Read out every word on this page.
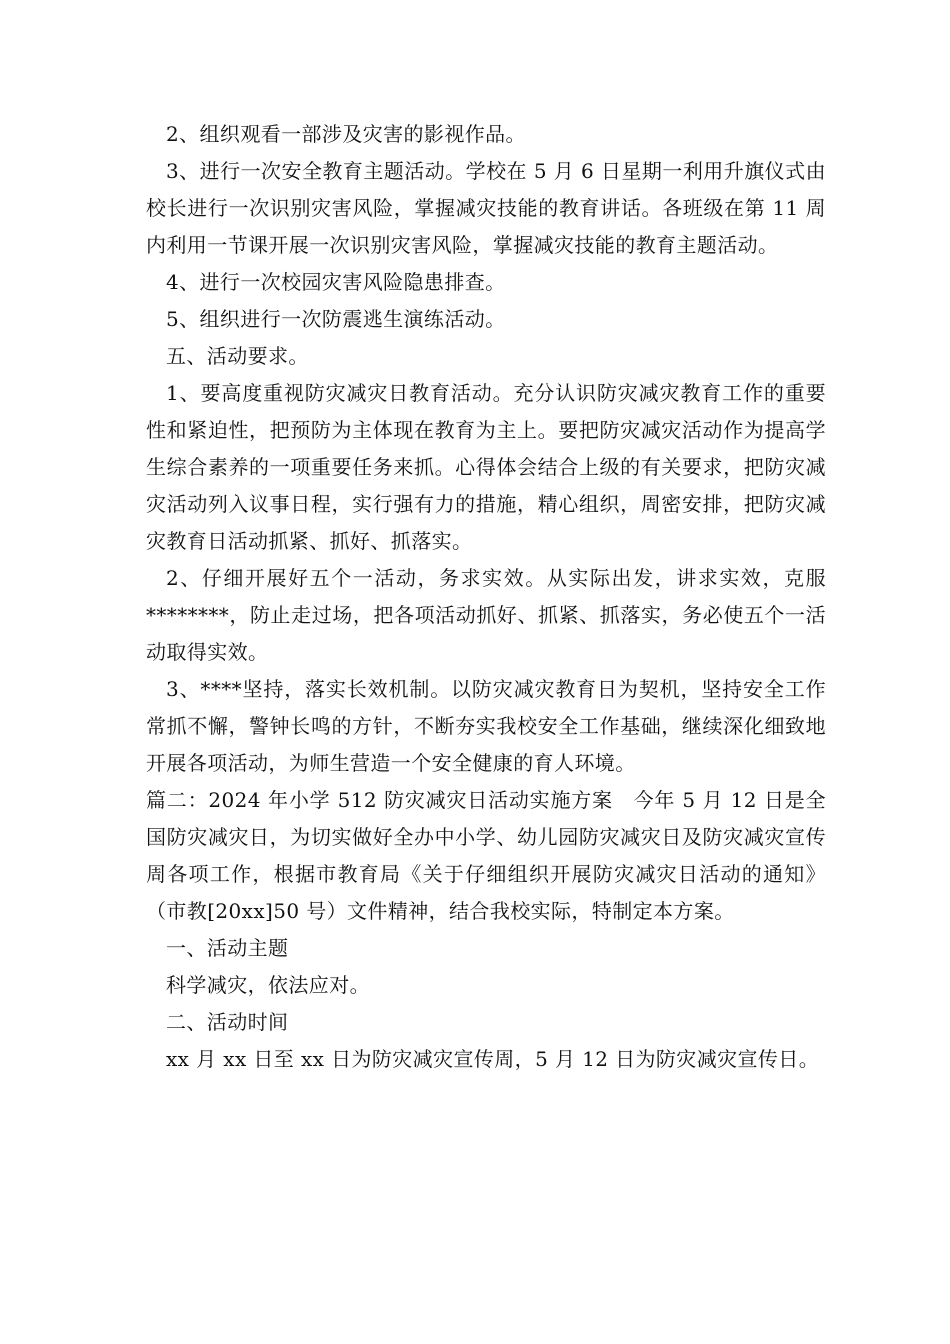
2、组织观看一部涉及灾害的影视作品。

3、进行一次安全教育主题活动。学校在 5 月 6 日星期一利用升旗仪式由校长进行一次识别灾害风险，掌握减灾技能的教育讲话。各班级在第 11 周内利用一节课开展一次识别灾害风险，掌握减灾技能的教育主题活动。

4、进行一次校园灾害风险隐患排查。

5、组织进行一次防震逃生演练活动。

五、活动要求。

1、要高度重视防灾减灾日教育活动。充分认识防灾减灾教育工作的重要性和紧迫性，把预防为主体现在教育为主上。要把防灾减灾活动作为提高学生综合素养的一项重要任务来抓。心得体会结合上级的有关要求，把防灾减灾活动列入议事日程，实行强有力的措施，精心组织，周密安排，把防灾减灾教育日活动抓紧、抓好、抓落实。

2、仔细开展好五个一活动，务求实效。从实际出发，讲求实效，克服********，防止走过场，把各项活动抓好、抓紧、抓落实，务必使五个一活动取得实效。

3、****坚持，落实长效机制。以防灾减灾教育日为契机，坚持安全工作常抓不懈，警钟长鸣的方针，不断夯实我校安全工作基础，继续深化细致地开展各项活动，为师生营造一个安全健康的育人环境。

篇二：2024 年小学 512 防灾减灾日活动实施方案　今年 5 月 12 日是全国防灾减灾日，为切实做好全办中小学、幼儿园防灾减灾日及防灾减灾宣传周各项工作，根据市教育局《关于仔细组织开展防灾减灾日活动的通知》（市教[20xx]50 号）文件精神，结合我校实际，特制定本方案。

一、活动主题

科学减灾，依法应对。

二、活动时间

xx 月 xx 日至 xx 日为防灾减灾宣传周，5 月 12 日为防灾减灾宣传日。
